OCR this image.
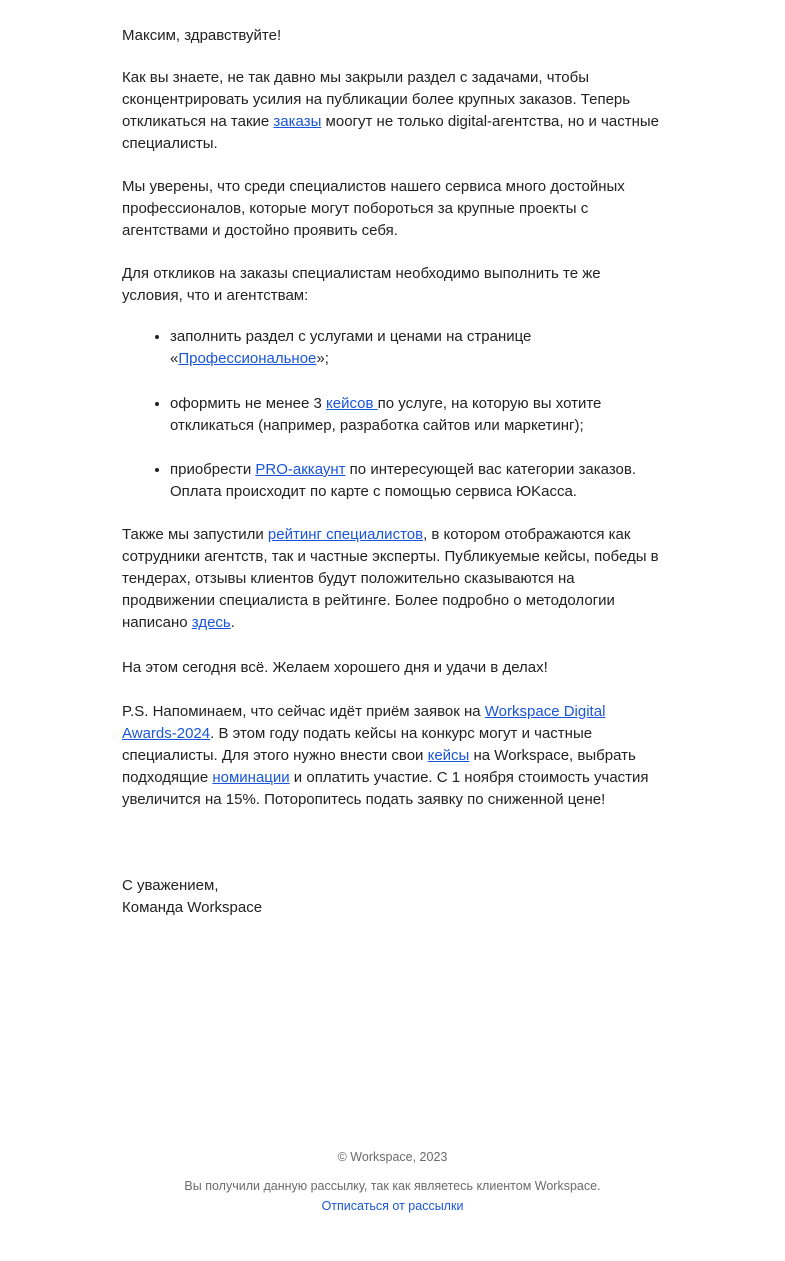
Максим, здравствуйте!

Как вы знаете, не так давно мы закрыли раздел с задачами, чтобы сконцентрировать усилия на публикации более крупных заказов. Теперь откликаться на такие заказы моогут не только digital-агентства, но и частные специалисты.

Мы уверены, что среди специалистов нашего сервиса много достойных профессионалов, которые могут побороться за крупные проекты с агентствами и достойно проявить себя.

Для откликов на заказы специалистам необходимо выполнить те же условия, что и агентствам:

• заполнить раздел с услугами и ценами на странице «Профессиональное»;
• оформить не менее 3 кейсов по услуге, на которую вы хотите откликаться (например, разработка сайтов или маркетинг);
• приобрести PRO-аккаунт по интересующей вас категории заказов. Оплата происходит по карте с помощью сервиса ЮKасса.

Также мы запустили рейтинг специалистов, в котором отображаются как сотрудники агентств, так и частные эксперты. Публикуемые кейсы, победы в тендерах, отзывы клиентов будут положительно сказываются на продвижении специалиста в рейтинге. Более подробно о методологии написано здесь.

На этом сегодня всё. Желаем хорошего дня и удачи в делах!

P.S. Напоминаем, что сейчас идёт приём заявок на Workspace Digital Awards-2024. В этом году подать кейсы на конкурс могут и частные специалисты. Для этого нужно внести свои кейсы на Workspace, выбрать подходящие номинации и оплатить участие. С 1 ноября стоимость участия увеличится на 15%. Поторопитесь подать заявку по сниженной цене!

С уважением,
Команда Workspace

© Workspace, 2023
Вы получили данную рассылку, так как являетесь клиентом Workspace.
Отписаться от рассылки
